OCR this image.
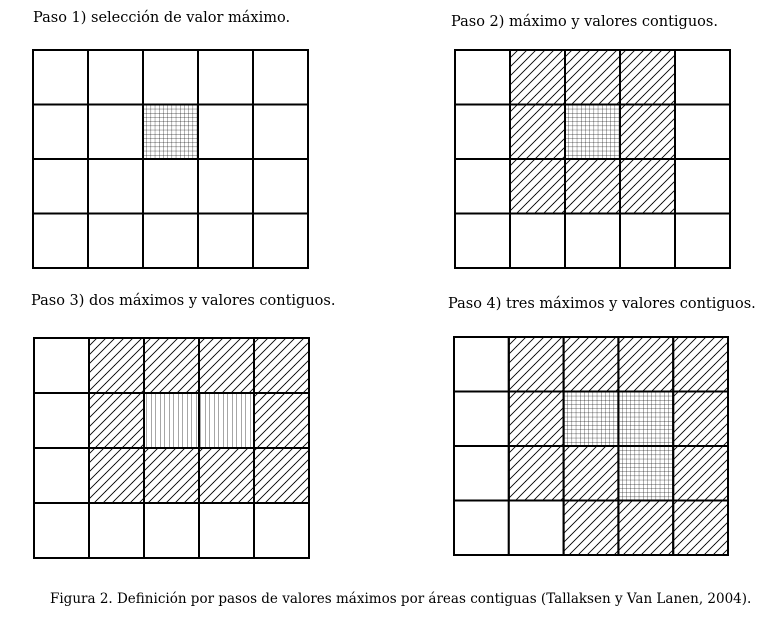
Paso 1) selección de valor máximo.	Paso 2) máximo y valores contiguos.
Paso 3) dos máximos y valores contiguos.	Paso 4) tres máximos y valores contiguos.
Figura 2. Definición por pasos de valores máximos por áreas contiguas (Tallaksen y Van Lanen, 2004).
